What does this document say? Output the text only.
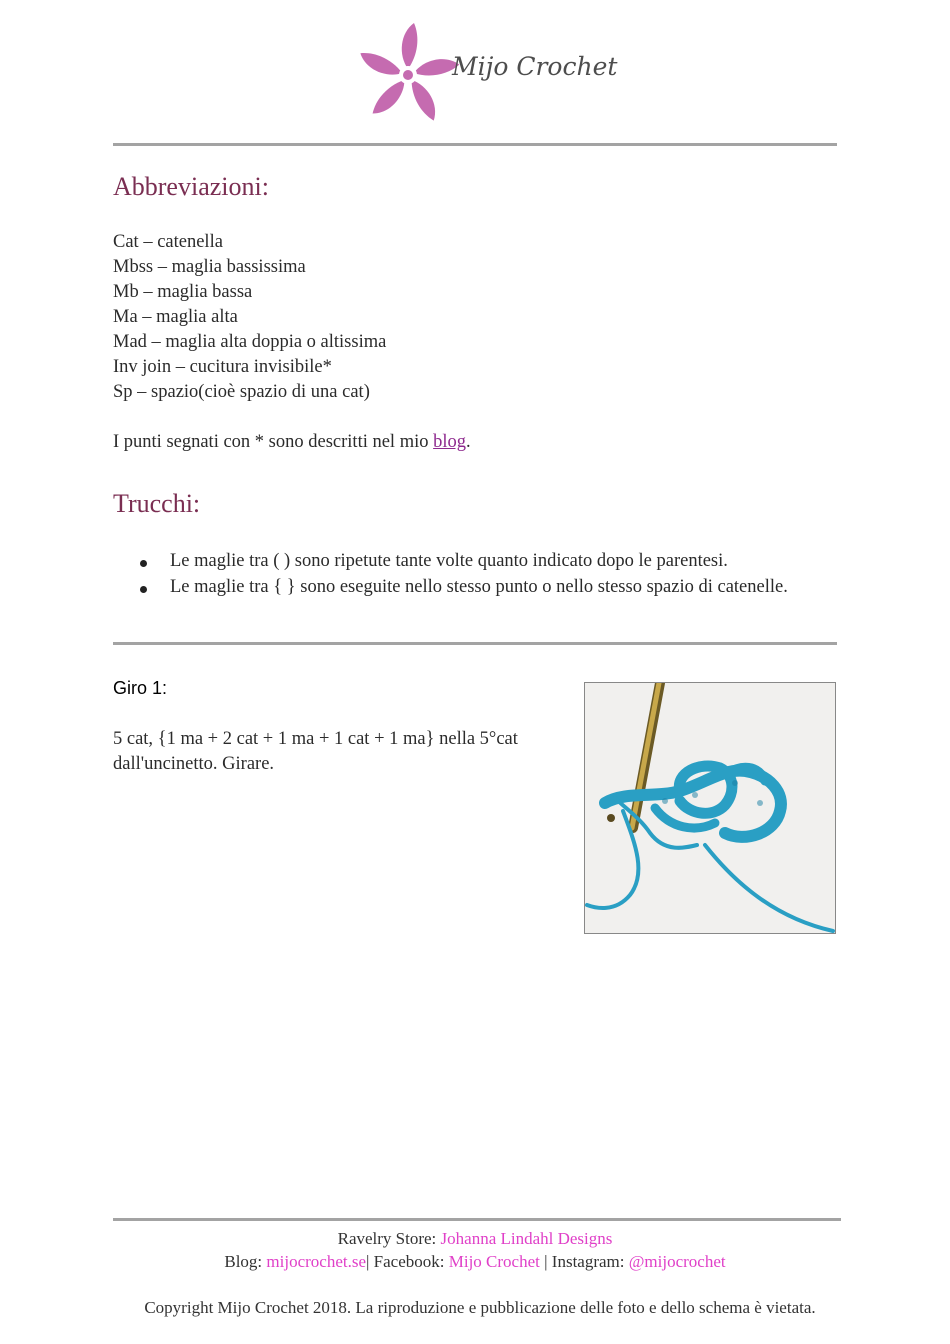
Mijo Crochet
Abbreviazioni:
Cat – catenella
Mbss – maglia bassissima
Mb – maglia bassa
Ma – maglia alta
Mad – maglia alta doppia o altissima
Inv join – cucitura invisibile*
Sp – spazio(cioè spazio di una cat)
I punti segnati con * sono descritti nel mio blog.
Trucchi:
Le maglie tra ( ) sono ripetute tante volte quanto indicato dopo le parentesi.
Le maglie tra { } sono eseguite nello stesso punto o nello stesso spazio di catenelle.
Giro 1:
5 cat, {1 ma + 2 cat + 1 ma + 1 cat + 1 ma} nella 5°cat dall'uncinetto. Girare.
Ravelry Store: Johanna Lindahl Designs
Blog: mijocrochet.se| Facebook: Mijo Crochet | Instagram: @mijocrochet
Copyright Mijo Crochet 2018. La riproduzione e pubblicazione delle foto e dello schema è vietata.
